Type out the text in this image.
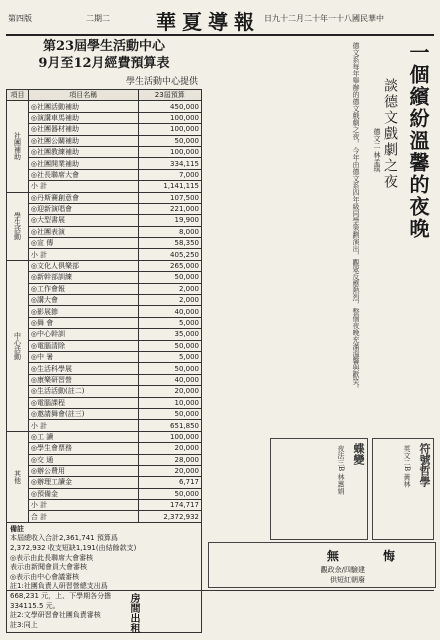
第四版	二期二 華夏導報 日九十二月二十年一十八國民華中
第23屆學生活動中心
9月至12月經費預算表
學生活動中心提供
項目	項目名稱	23屆預算
社團補助	◎社團活動補助	450,000
	◎演講車馬補助	100,000
	◎社團器材補助	100,000
	◎社團公關補助	50,000
	◎社團教練補助	100,000
	◎社團開業補助	334,115
	◎社長聯席大會	7,000
	小 計	1,141,115
學生活動	◎丹斯賽創意會	107,500
	◎迎新演唱會	221,000
	◎大型書展	19,900
	◎社團表演	8,000
	◎宣 傳	58,350
	小 計	405,250
中心活動	◎文化人俱樂部	265,000
	◎新幹部訓練	50,000
	◎工作會報	2,000
	◎講大會	2,000
	◎影展節	40,000
	◎舞 會	5,000
	◎中心幹訓	35,000
	◎電腦清除	50,000
	◎中 暑	5,000
	◎生活科學展	50,000
	◎康樂研習營	40,000
	◎生活活動(註二)	20,000
	◎電腦課程	10,000
	◎邀請舞會(註三)	50,000
	小 計	651,850
其他	◎工 讀	100,000
	◎學生會票務	20,000
	◎交 通	28,000
	◎辦公費用	20,000
	◎辦理工讀金	6,717
	◎預備金	50,000
	小 計	174,717
	合 計	2,372,932
備註
本屆總收入合計2,361,741 預算爲
2,372,932 收支短缺1,191(由結餘款支)
◎表示由此長聯席大會審核
表示由新聞會員大會審核
◎表示由中心會議審核
註1:社團負責人研習營總支出爲
668,231 元，上、下學期各分擔
334115.5 元。
註2:文學研習會社團負責審核
註3:同上
一個繽紛溫馨的夜晚
談德文戲劇之夜
德文二 林孟琪
德文系每年舉辦的德文戲劇之夜，今年由德文系四年級同學策劃演出，觀眾反應熱烈，整個夜晚充滿溫馨與歡笑。
符號哲學
英文二B 黃林
蝶變
夜法三B 林惠娟
無 悔
觀政余/四驗建
供短紅朝廢
房間出租
